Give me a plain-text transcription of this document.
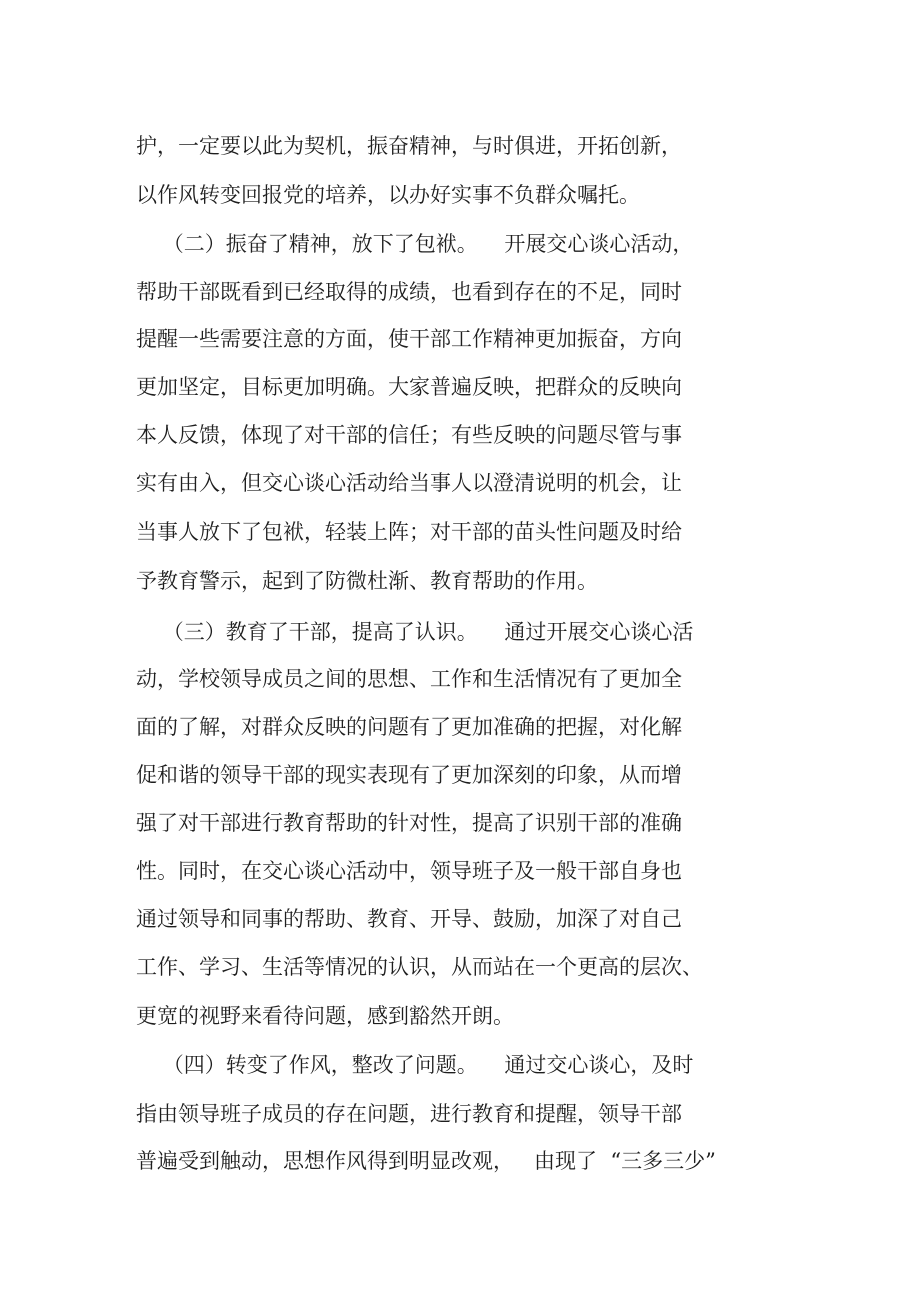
护，一定要以此为契机，振奋精神，与时俱进，开拓创新，
以作风转变回报党的培养，以办好实事不负群众嘱托。
（二）振奋了精神，放下了包袱。    开展交心谈心活动，
帮助干部既看到已经取得的成绩，也看到存在的不足，同时
提醒一些需要注意的方面，使干部工作精神更加振奋，方向
更加坚定，目标更加明确。大家普遍反映，把群众的反映向
本人反馈，体现了对干部的信任；有些反映的问题尽管与事
实有由入，但交心谈心活动给当事人以澄清说明的机会，让
当事人放下了包袱，轻装上阵；对干部的苗头性问题及时给
予教育警示，起到了防微杜渐、教育帮助的作用。
（三）教育了干部，提高了认识。    通过开展交心谈心活
动，学校领导成员之间的思想、工作和生活情况有了更加全
面的了解，对群众反映的问题有了更加准确的把握，对化解
促和谐的领导干部的现实表现有了更加深刻的印象，从而增
强了对干部进行教育帮助的针对性，提高了识别干部的准确
性。同时，在交心谈心活动中，领导班子及一般干部自身也
通过领导和同事的帮助、教育、开导、鼓励，加深了对自己
工作、学习、生活等情况的认识，从而站在一个更高的层次、
更宽的视野来看待问题，感到豁然开朗。
（四）转变了作风，整改了问题。    通过交心谈心，及时
指由领导班子成员的存在问题，进行教育和提醒，领导干部
普遍受到触动，思想作风得到明显改观，   由现了  “三多三少”
